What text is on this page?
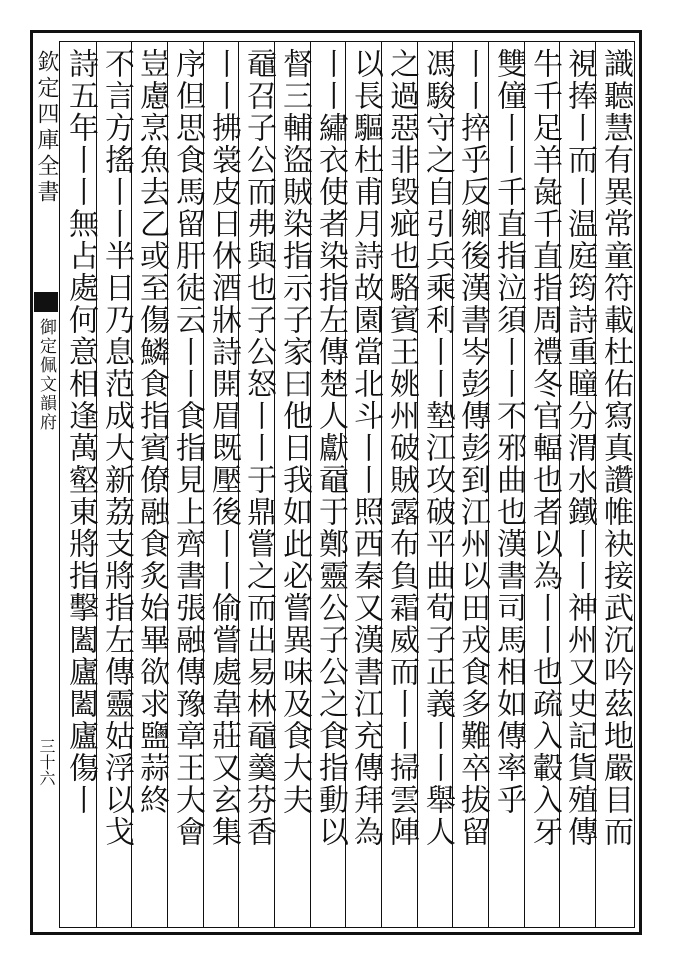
欽定四庫全書
御定佩文韻府
三十六	識聽慧有異常童符載杜佑寫真讚帷袂接武沉吟茲地嚴目而
視捧丨而丨温庭筠詩重瞳分渭水鐵丨丨神州又史記貨殖傳
牛千足羊彘千直指周禮冬官輻也者以為丨丨也疏入轂入牙
雙僮丨丨千直指泣須丨丨不邪曲也漢書司馬相如傳率乎
丨丨捽乎反鄉後漢書岑彭傳彭到江州以田戎食多難卒拔留
馮駿守之自引兵乘利丨丨墊江攻破平曲荀子正義丨丨舉人
之過惡非毀疵也駱賓王姚州破賊露布負霜威而丨丨掃雲陣
以長驅杜甫月詩故園當北斗丨丨照西秦又漢書江充傳拜為
丨丨繡衣使者染指左傳楚人獻黿于鄭靈公子公之食指動以
督三輔盜賊染指示子家曰他日我如此必嘗異味及食大夫
黿召子公而弗與也子公怒丨丨于鼎嘗之而出易林黿羹芬香
丨丨拂裳皮日休酒牀詩開眉既壓後丨丨偷嘗處韋莊又玄集
序但思食馬留肝徒云丨丨食指見上齊書張融傳豫章王大會
豈慮烹魚去乙或至傷鱗食指賓僚融食炙始畢欲求鹽蒜終
不言方搖丨丨半日乃息范成大新荔支將指左傳靈姑浮以戈
詩五年丨丨無占處何意相逢萬壑東將指擊闔廬闔廬傷丨
